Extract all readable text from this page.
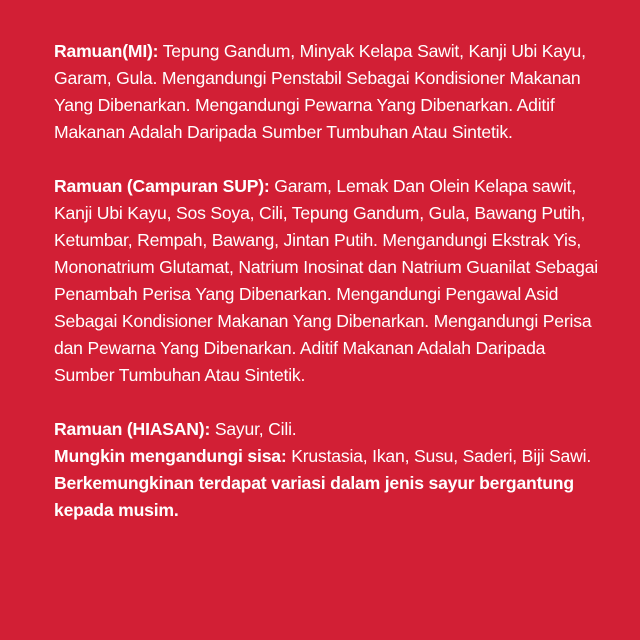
Ramuan(MI): Tepung Gandum, Minyak Kelapa Sawit, Kanji Ubi Kayu, Garam, Gula. Mengandungi Penstabil Sebagai Kondisioner Makanan Yang Dibenarkan. Mengandungi Pewarna Yang Dibenarkan. Aditif Makanan Adalah Daripada Sumber Tumbuhan Atau Sintetik.

Ramuan (Campuran SUP): Garam, Lemak Dan Olein Kelapa sawit, Kanji Ubi Kayu, Sos Soya, Cili, Tepung Gandum, Gula, Bawang Putih, Ketumbar, Rempah, Bawang, Jintan Putih. Mengandungi Ekstrak Yis, Mononatrium Glutamat, Natrium Inosinat dan Natrium Guanilat Sebagai Penambah Perisa Yang Dibenarkan. Mengandungi Pengawal Asid Sebagai Kondisioner Makanan Yang Dibenarkan. Mengandungi Perisa dan Pewarna Yang Dibenarkan. Aditif Makanan Adalah Daripada Sumber Tumbuhan Atau Sintetik.

Ramuan (HIASAN): Sayur, Cili.

Mungkin mengandungi sisa: Krustasia, Ikan, Susu, Saderi, Biji Sawi.

Berkemungkinan terdapat variasi dalam jenis sayur bergantung kepada musim.
